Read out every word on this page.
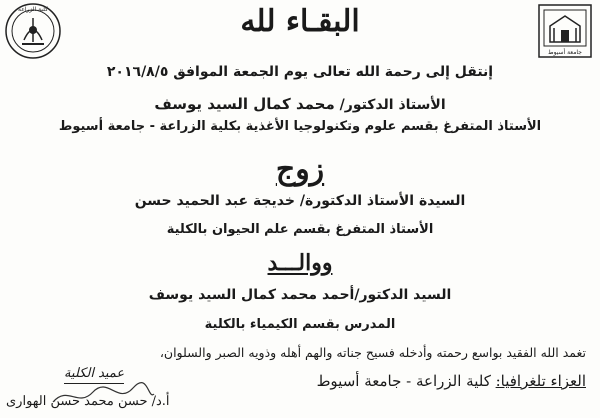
كلية الزراعة
جامعة أسيوط
البقـاء لله
إنتقل إلى رحمة الله تعالى يوم الجمعة الموافق ٢٠١٦/٨/٥
الأستاذ الدكتور/ محمد كمال السيد يوسف
الأستاذ المتفرغ بقسم علوم وتكنولوجيا الأغذية بكلية الزراعة - جامعة أسيوط
زوج
السيدة الأستاذ الدكتورة/ خديجة عبد الحميد حسن
الأستاذ المتفرغ بقسم علم الحيوان بالكلية
ووالـــد
السيد الدكتور/أحمد محمد كمال السيد يوسف
المدرس بقسم الكيمياء بالكلية
تغمد الله الفقيد بواسع رحمته وأدخله فسيح جناته والهم أهله وذويه الصبر والسلوان،
العزاء تلغرافيا: كلية الزراعة - جامعة أسيوط
عميد الكلية
أ.د/ حسن محمد حسن الهوارى
